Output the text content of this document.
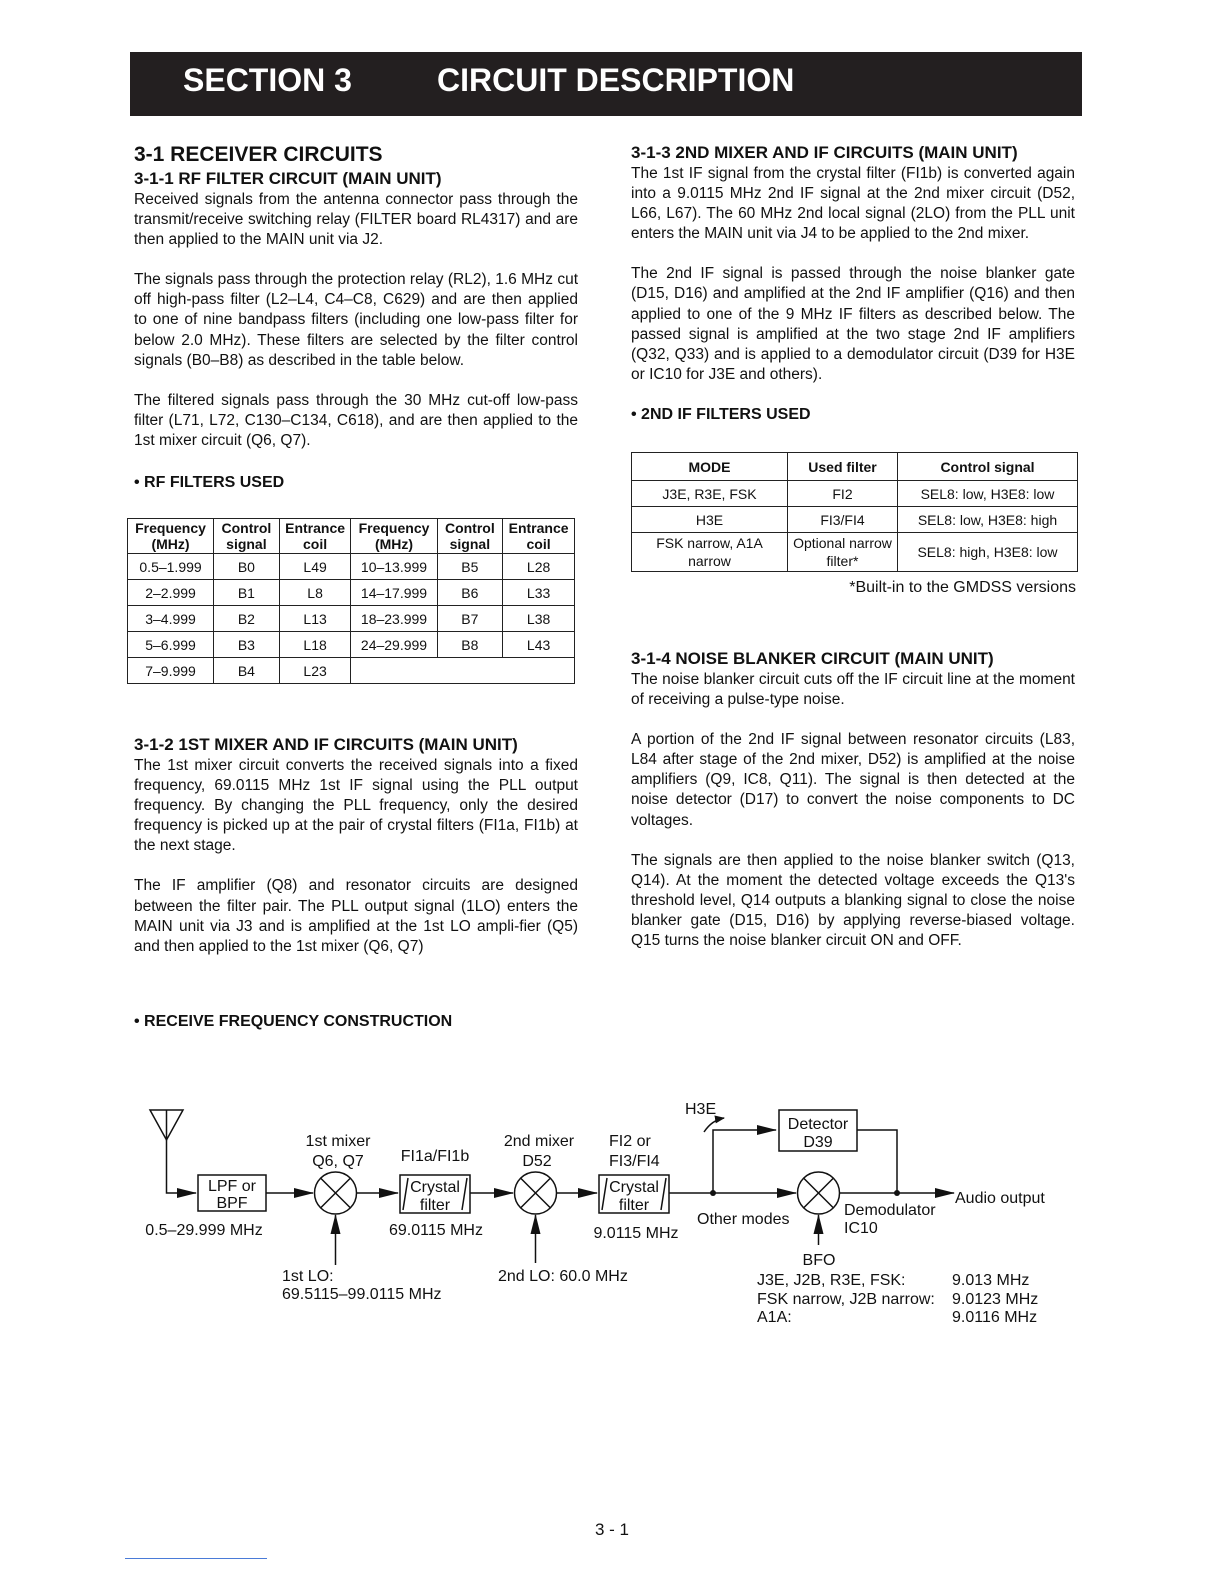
SECTION 3	CIRCUIT DESCRIPTION
3-1 RECEIVER CIRCUITS
3-1-1 RF FILTER CIRCUIT (MAIN UNIT)

Received signals from the antenna connector pass through the transmit/receive switching relay (FILTER board RL4317) and are then applied to the MAIN unit via J2.

The signals pass through the protection relay (RL2), 1.6 MHz cut off high-pass filter (L2–L4, C4–C8, C629) and are then applied to one of nine bandpass filters (including one low-pass filter for below 2.0 MHz). These filters are selected by the filter control signals (B0–B8) as described in the table below.

The filtered signals pass through the 30 MHz cut-off low-pass filter (L71, L72, C130–C134, C618), and are then applied to the 1st mixer circuit (Q6, Q7).

• RF FILTERS USED
Frequency (MHz)	Control signal	Entrance coil	Frequency (MHz)	Control signal	Entrance coil
0.5–1.999	B0	L49	10–13.999	B5	L28
2–2.999	B1	L8	14–17.999	B6	L33
3–4.999	B2	L13	18–23.999	B7	L38
5–6.999	B3	L18	24–29.999	B8	L43
7–9.999	B4	L23			
3-1-2 1ST MIXER AND IF CIRCUITS (MAIN UNIT)

The 1st mixer circuit converts the received signals into a fixed frequency, 69.0115 MHz 1st IF signal using the PLL output frequency. By changing the PLL frequency, only the desired frequency is picked up at the pair of crystal filters (FI1a, FI1b) at the next stage.

The IF amplifier (Q8) and resonator circuits are designed between the filter pair. The PLL output signal (1LO) enters the MAIN unit via J3 and is amplified at the 1st LO ampli-fier (Q5) and then applied to the 1st mixer (Q6, Q7)

3-1-3 2ND MIXER AND IF CIRCUITS (MAIN UNIT)

The 1st IF signal from the crystal filter (FI1b) is converted again into a 9.0115 MHz 2nd IF signal at the 2nd mixer circuit (D52, L66, L67). The 60 MHz 2nd local signal (2LO) from the PLL unit enters the MAIN unit via J4 to be applied to the 2nd mixer.

The 2nd IF signal is passed through the noise blanker gate (D15, D16) and amplified at the 2nd IF amplifier (Q16) and then applied to one of the 9 MHz IF filters as described below. The passed signal is amplified at the two stage 2nd IF amplifiers (Q32, Q33) and is applied to a demodulator circuit (D39 for H3E or IC10 for J3E and others).

• 2ND IF FILTERS USED
MODE	Used filter	Control signal
J3E, R3E, FSK	FI2	SEL8: low, H3E8: low
H3E	FI3/FI4	SEL8: low, H3E8: high
FSK narrow, A1A narrow	Optional narrow filter*	SEL8: high, H3E8: low
*Built-in to the GMDSS versions
3-1-4 NOISE BLANKER CIRCUIT (MAIN UNIT)

The noise blanker circuit cuts off the IF circuit line at the moment of receiving a pulse-type noise.

A portion of the 2nd IF signal between resonator circuits (L83, L84 after stage of the 2nd mixer, D52) is amplified at the noise amplifiers (Q9, IC8, Q11). The signal is then detected at the noise detector (D17) to convert the noise components to DC voltages.

The signals are then applied to the noise blanker switch (Q13, Q14). At the moment the detected voltage exceeds the Q13's threshold level, Q14 outputs a blanking signal to close the noise blanker gate (D15, D16) by applying reverse-biased voltage. Q15 turns the noise blanker circuit ON and OFF.

• RECEIVE FREQUENCY CONSTRUCTION
LPF or
BPF
0.5–29.999 MHz
1st mixer
Q6, Q7 FI1a/FI1b
Crystal
filter
69.0115 MHz
1st LO:
69.5115–99.0115 MHz
2nd mixer
D52
2nd LO: 60.0 MHz
FI2 or
FI3/FI4
Crystal
filter
9.0115 MHz
H3E
Detector
D39
Other modes
Demodulator
IC10
Audio output
BFO
J3E, J2B, R3E, FSK:
FSK narrow, J2B narrow:
A1A:
9.013 MHz
9.0123 MHz
9.0116 MHz
3 - 1
